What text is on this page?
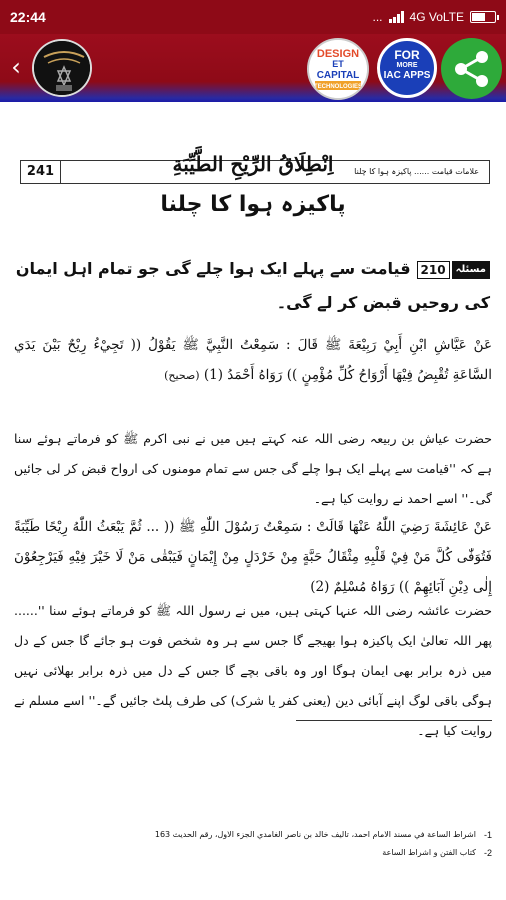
22:44	... 4G VoLTE
‹	DESIGN
ET
CAPITAL
TECHNOLOGIES
FOR
MORE
IAC APPS
241	علامات قیامت ...... پاکیزہ ہوا کا چلنا
اِنْطِلَاقُ الرِّيْحِ الطَّيِّبَةِ
پاکیزہ ہوا کا چلنا
مسئلہ210قیامت سے پہلے ایک ہوا چلے گی جو تمام اہل ایمان کی روحیں قبض کر لے گی۔
عَنْ عَيَّاشِ ابْنِ أَبِيْ رَبِيْعَةَ ﷺ قَالَ : سَمِعْتُ النَّبِيَّ ﷺ يَقُوْلُ (( تَجِيْءُ رِيْحٌ بَيْنَ يَدَي السَّاعَةِ تُقْبِضُ فِيْهَا أَرْوَاحُ كُلِّ مُؤْمِنٍ )) رَوَاهُ أَحْمَدُ (1) (صحیح)
حضرت عیاش بن ربیعہ رضی اللہ عنہ کہتے ہیں میں نے نبی اکرم ﷺ کو فرماتے ہوئے سنا ہے کہ ''قیامت سے پہلے ایک ہوا چلے گی جس سے تمام مومنوں کی ارواح قبض کر لی جائیں گی۔'' اسے احمد نے روایت کیا ہے۔
عَنْ عَائِشَةَ رَضِيَ اللّٰهُ عَنْهَا قَالَتْ : سَمِعْتُ رَسُوْلَ اللّٰهِ ﷺ (( ... ثُمَّ يَبْعَثُ اللّٰهُ رِيْحًا طَيِّبَةً فَتُوَفّٰى كُلَّ مَنْ فِيْ قَلْبِهِ مِثْقَالُ حَبَّةٍ مِنْ خَرْدَلٍ مِنْ إِيْمَانٍ فَيَبْقٰى مَنْ لَا خَيْرَ فِيْهِ فَيَرْجِعُوْنَ إِلٰى دِيْنِ آبَائِهِمْ )) رَوَاهُ مُسْلِمٌ (2)
حضرت عائشہ رضی اللہ عنہا کہتی ہیں، میں نے رسول اللہ ﷺ کو فرماتے ہوئے سنا ''...... پھر اللہ تعالیٰ ایک پاکیزہ ہوا بھیجے گا جس سے ہر وہ شخص فوت ہو جائے گا جس کے دل میں ذرہ برابر بھی ایمان ہوگا اور وہ باقی بچے گا جس کے دل میں ذرہ برابر بھلائی نہیں ہوگی باقی لوگ اپنے آبائی دین (یعنی کفر یا شرک) کی طرف پلٹ جائیں گے۔'' اسے مسلم نے روایت کیا ہے۔
1-
اشراط الساعة في مسند الامام احمد، تاليف خالد بن ناصر الغامدي الجزء الاول، رقم الحديث 163
2-
كتاب الفتن و اشراط الساعة
